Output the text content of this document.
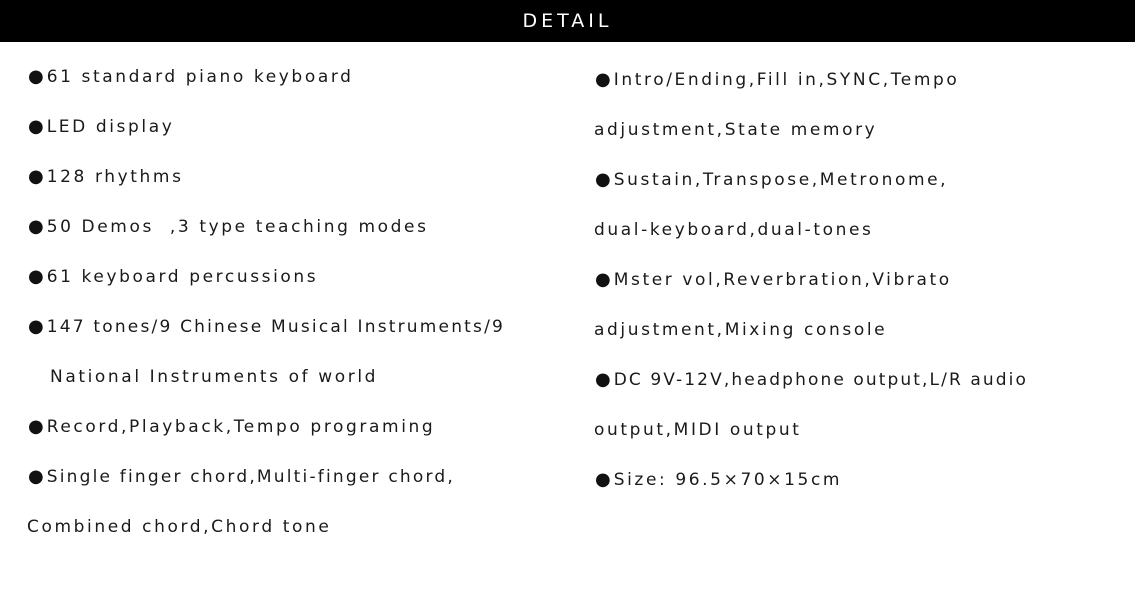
DETAIL
● 61 standard piano keyboard
● LED display
● 128 rhythms
● 50 Demos  ,3 type teaching modes
● 61 keyboard percussions
● 147 tones/9 Chinese Musical Instruments/9
National Instruments of world
● Record,Playback,Tempo programing
● Single finger chord,Multi-finger chord,
Combined chord,Chord tone
● Intro/Ending,Fill in,SYNC,Tempo
adjustment,State memory
● Sustain,Transpose,Metronome,
dual-keyboard,dual-tones
● Mster vol,Reverbration,Vibrato
adjustment,Mixing console
● DC 9V-12V,headphone output,L/R audio
output,MIDI output
● Size: 96.5×70×15cm
